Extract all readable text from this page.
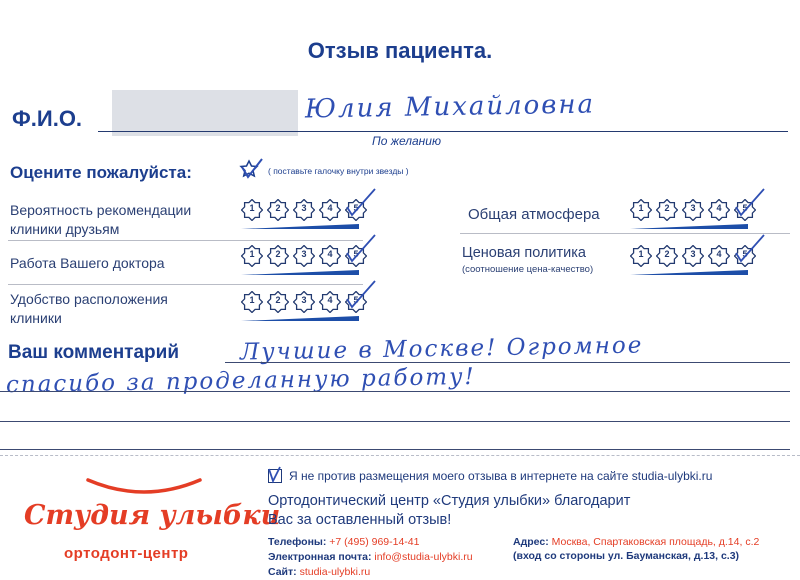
Отзыв пациента.
Ф.И.О.	Юлия Михайловна
По желанию
Оцените пожалуйста:	( поставьте галочку внутри звезды )
Вероятность рекомендации
клиники друзьям
1	2	3	4	5
Работа Вашего доктора
1	2	3	4	5
Удобство расположения
клиники
1	2	3	4	5
Общая атмосфера	1	2	3	4	5
Ценовая политика
(соотношение цена-качество)
1	2	3	4	5
Ваш комментарий	Лучшие в Москве! Огромное
спасибо за проделанную работу!
Студия улыбки
ортодонт-центр
Я не против размещения моего отзыва в интернете на сайте studia-ulybki.ru
Ортодонтический центр «Студия улыбки» благодарит
Вас за оставленный отзыв!
Телефоны: +7 (495) 969-14-41
Электронная почта: info@studia-ulybki.ru
Сайт: studia-ulybki.ru
Адрес: Москва, Спартаковская площадь, д.14, с.2
(вход со стороны ул. Бауманская, д.13, с.3)
